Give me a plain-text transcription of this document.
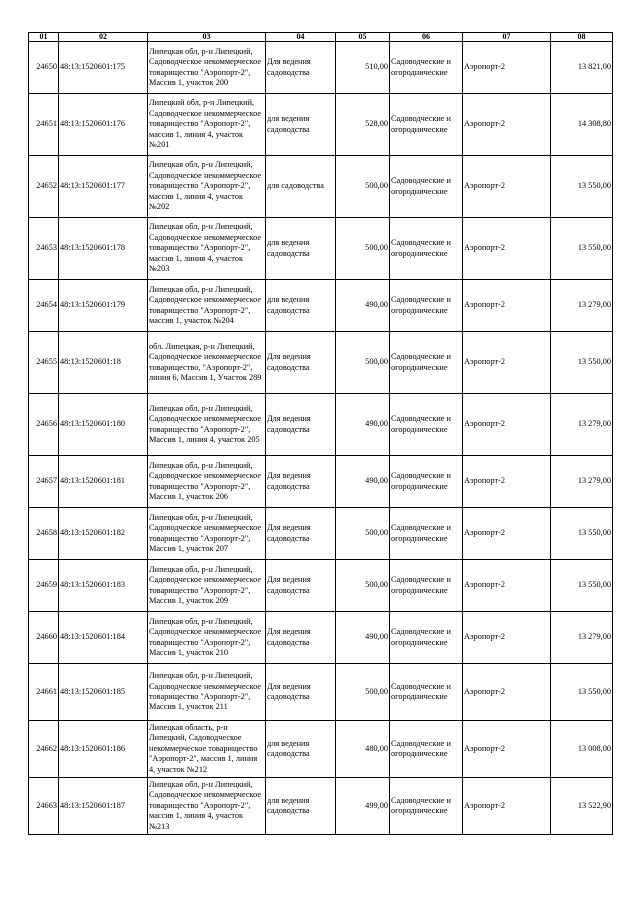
01	02	03	04	05	06	07	08

24650	48:13:1520601:175	Липецкая обл, р-н Липецкий, Садоводческое некоммерческое товарищество "Аэропорт-2", Массив 1, участок 200	Для ведения садоводства	510,00	Садоводческие и огороднические	Аэропорт-2	13 821,00

24651	48:13:1520601:176	Липецкий обл, р-н Липецкий, Садоводческое некоммерческое товарищество "Аэропорт-2", массив 1, линия 4, участок №201	для ведения садоводства	528,00	Садоводческие и огороднические	Аэропорт-2	14 308,80

24652	48:13:1520601:177	Липецкая обл, р-н Липецкий, Садоводческое некоммерческое товарищество "Аэропорт-2", массив 1, линия 4, участок №202	для садоводства	500,00	Садоводческие и огороднические	Аэропорт-2	13 550,00

24653	48:13:1520601:178	Липецкая обл, р-н Липецкий, Садоводческое некоммерческое товарищество "Аэропорт-2", массив 1, линия 4, участок №203	для ведения садоводства	500,00	Садоводческие и огороднические	Аэропорт-2	13 550,00

24654	48:13:1520601:179	Липецкая обл, р-н Липецкий, Садоводческое некоммерческое товарищество "Аэропорт-2", массив 1, участок №204	для ведения садоводства	490,00	Садоводческие и огороднические	Аэропорт-2	13 279,00

24655	48:13:1520601:18	обл. Липецкая, р-н Липецкий, Садоводческое некоммерческое товарищество, "Аэропорт-2", линия 6, Массив 1, Участок 289	Для ведения садоводства	500,00	Садоводческие и огороднические	Аэропорт-2	13 550,00

24656	48:13:1520601:180	Липецкая обл, р-н Липецкий, Садоводческое некоммерческое товарищество "Аэропорт-2", Массив 1, линия 4, участок 205	Для ведения садоводства	490,00	Садоводческие и огороднические	Аэропорт-2	13 279,00

24657	48:13:1520601:181	Липецкая обл, р-н Липецкий, Садоводческое некоммерческое товарищество "Аэропорт-2", Массив 1, участок 206	Для ведения садоводства	490,00	Садоводческие и огороднические	Аэропорт-2	13 279,00

24658	48:13:1520601:182	Липецкая обл, р-н Липецкий, Садоводческое некоммерческое товарищество "Аэропорт-2", Массив 1, участок 207	Для ведения садоводства	500,00	Садоводческие и огороднические	Аэропорт-2	13 550,00

24659	48:13:1520601:183	Липецкая обл, р-н Липецкий, Садоводческое некоммерческое товарищество "Аэропорт-2", Массив 1, участок 209	Для ведения садоводства	500,00	Садоводческие и огороднические	Аэропорт-2	13 550,00

24660	48:13:1520601:184	Липецкая обл, р-н Липецкий, Садоводческое некоммерческое товарищество "Аэропорт-2", Массив 1, участок 210	Для ведения садоводства	490,00	Садоводческие и огороднические	Аэропорт-2	13 279,00

24661	48:13:1520601:185	Липецкая обл, р-н Липецкий, Садоводческое некоммерческое товарищество "Аэропорт-2", Массив 1, участок 211	Для ведения садоводства	500,00	Садоводческие и огороднические	Аэропорт-2	13 550,00

24662	48:13:1520601:186	Липецкая область, р-н Липецкий, Садоводческое некоммерческое товарищество "Аэропорт-2", массив 1, линия 4, участок №212	для ведения садоводства	480,00	Садоводческие и огороднические	Аэропорт-2	13 008,00

24663	48:13:1520601:187	Липецкая обл, р-н Липецкий, Садоводческое некоммерческое товарищество "Аэропорт-2", массив 1, линия 4, участок №213	для ведения садоводства	499,00	Садоводческие и огороднические	Аэропорт-2	13 522,90
